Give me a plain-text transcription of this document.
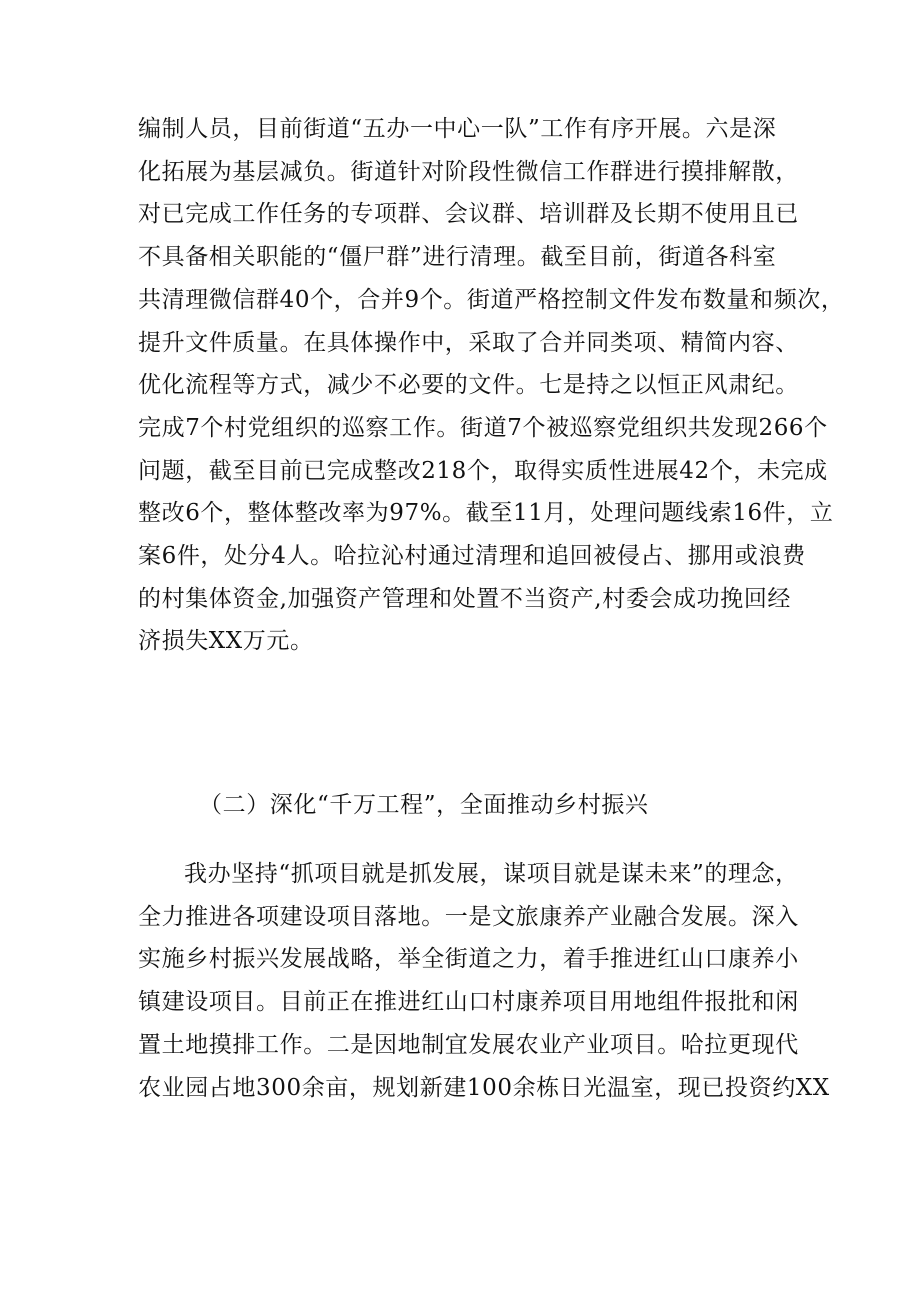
编制人员，目前街道“五办一中心一队”工作有序开展。六是深
化拓展为基层减负。街道针对阶段性微信工作群进行摸排解散，
对已完成工作任务的专项群、会议群、培训群及长期不使用且已
不具备相关职能的“僵尸群”进行清理。截至目前，街道各科室
共清理微信群40个，合并9个。街道严格控制文件发布数量和频次，
提升文件质量。在具体操作中，采取了合并同类项、精简内容、
优化流程等方式，减少不必要的文件。七是持之以恒正风肃纪。
完成7个村党组织的巡察工作。街道7个被巡察党组织共发现266个
问题，截至目前已完成整改218个，取得实质性进展42个，未完成
整改6个，整体整改率为97%。截至11月，处理问题线索16件，立
案6件，处分4人。哈拉沁村通过清理和追回被侵占、挪用或浪费
的村集体资金,加强资产管理和处置不当资产,村委会成功挽回经
济损失XX万元。
（二）深化“千万工程”，全面推动乡村振兴
我办坚持“抓项目就是抓发展，谋项目就是谋未来”的理念，
全力推进各项建设项目落地。一是文旅康养产业融合发展。深入
实施乡村振兴发展战略，举全街道之力，着手推进红山口康养小
镇建设项目。目前正在推进红山口村康养项目用地组件报批和闲
置土地摸排工作。二是因地制宜发展农业产业项目。哈拉更现代
农业园占地300余亩，规划新建100余栋日光温室，现已投资约XX
